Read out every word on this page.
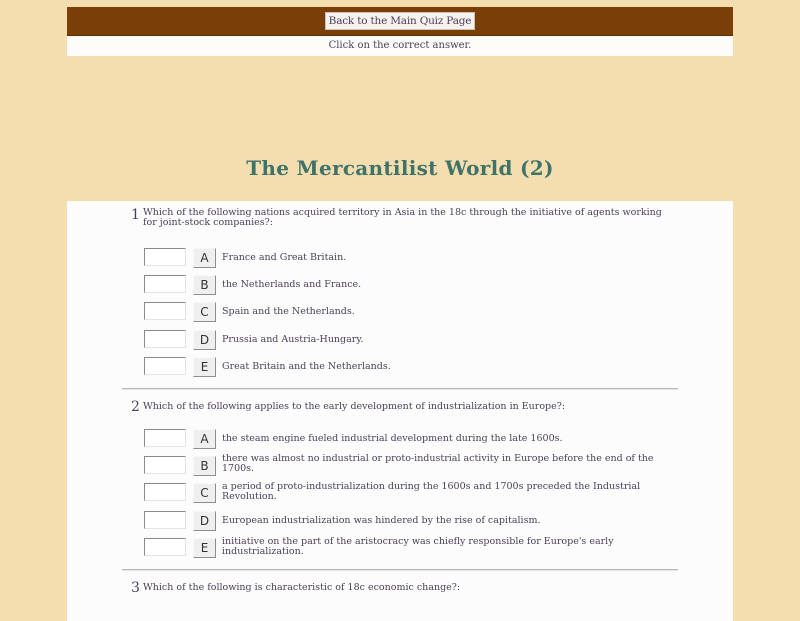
Back to the Main Quiz Page
Click on the correct answer.
The Mercantilist World (2)
1 Which of the following nations acquired territory in Asia in the 18c through the initiative of agents working for joint-stock companies?:
A	France and Great Britain.
B	the Netherlands and France.
C	Spain and the Netherlands.
D	Prussia and Austria-Hungary.
E	Great Britain and the Netherlands.
2 Which of the following applies to the early development of industrialization in Europe?:
A	the steam engine fueled industrial development during the late 1600s.
B
there was almost no industrial or proto-industrial activity in Europe before the end of the 1700s.
C	a period of proto-industrialization during the 1600s and 1700s preceded the Industrial Revolution.
D	European industrialization was hindered by the rise of capitalism.
E	initiative on the part of the aristocracy was chiefly responsible for Europe's early industrialization.
3 Which of the following is characteristic of 18c economic change?:
